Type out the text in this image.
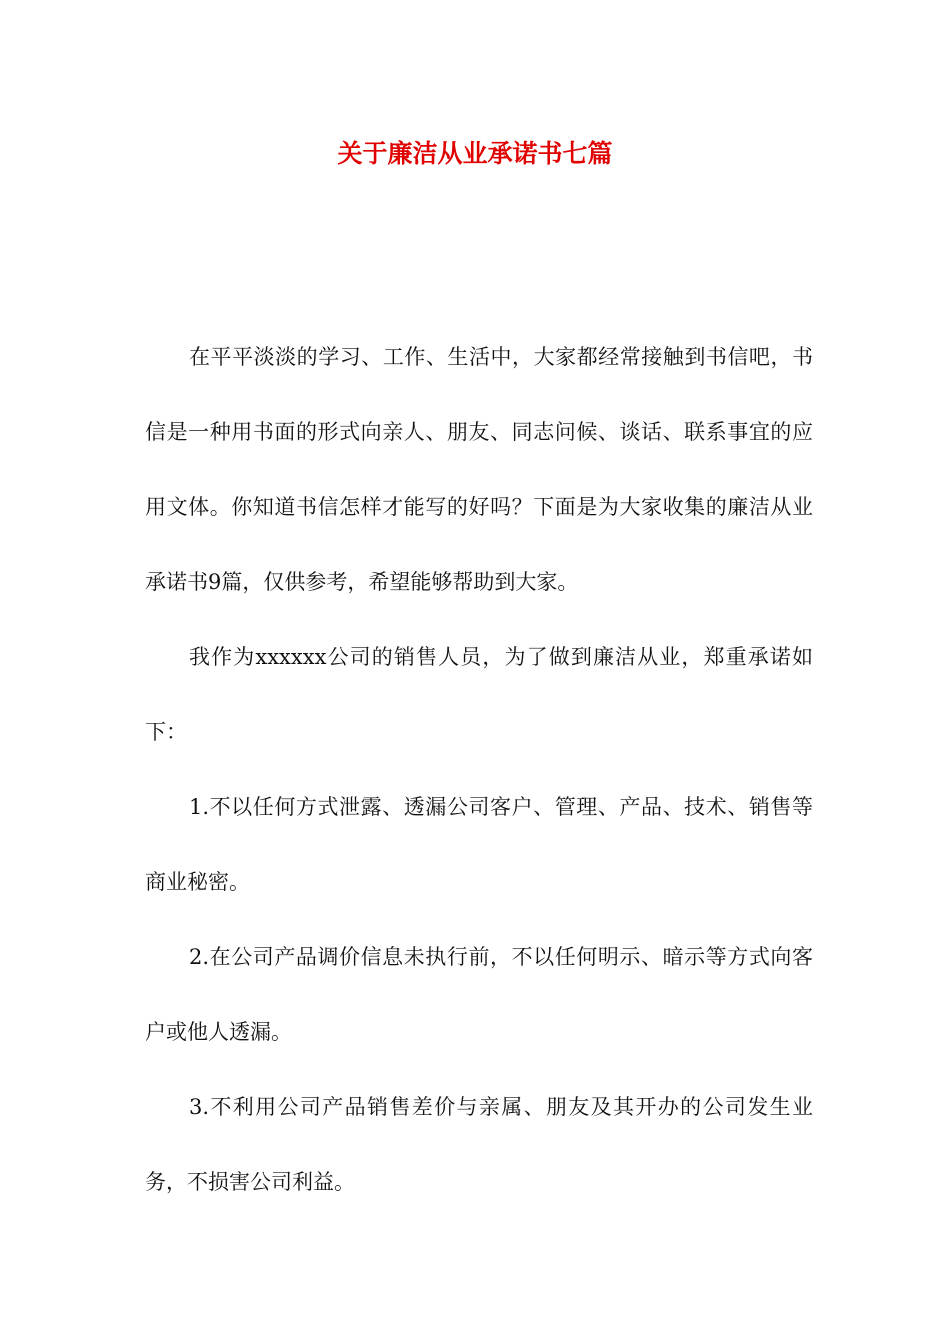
关于廉洁从业承诺书七篇

在平平淡淡的学习、工作、生活中，大家都经常接触到书信吧，书信是一种用书面的形式向亲人、朋友、同志问候、谈话、联系事宜的应用文体。你知道书信怎样才能写的好吗？下面是为大家收集的廉洁从业承诺书9篇，仅供参考，希望能够帮助到大家。

我作为xxxxxx公司的销售人员，为了做到廉洁从业，郑重承诺如下：

1.不以任何方式泄露、透漏公司客户、管理、产品、技术、销售等商业秘密。

2.在公司产品调价信息未执行前，不以任何明示、暗示等方式向客户或他人透漏。

3.不利用公司产品销售差价与亲属、朋友及其开办的公司发生业务，不损害公司利益。
